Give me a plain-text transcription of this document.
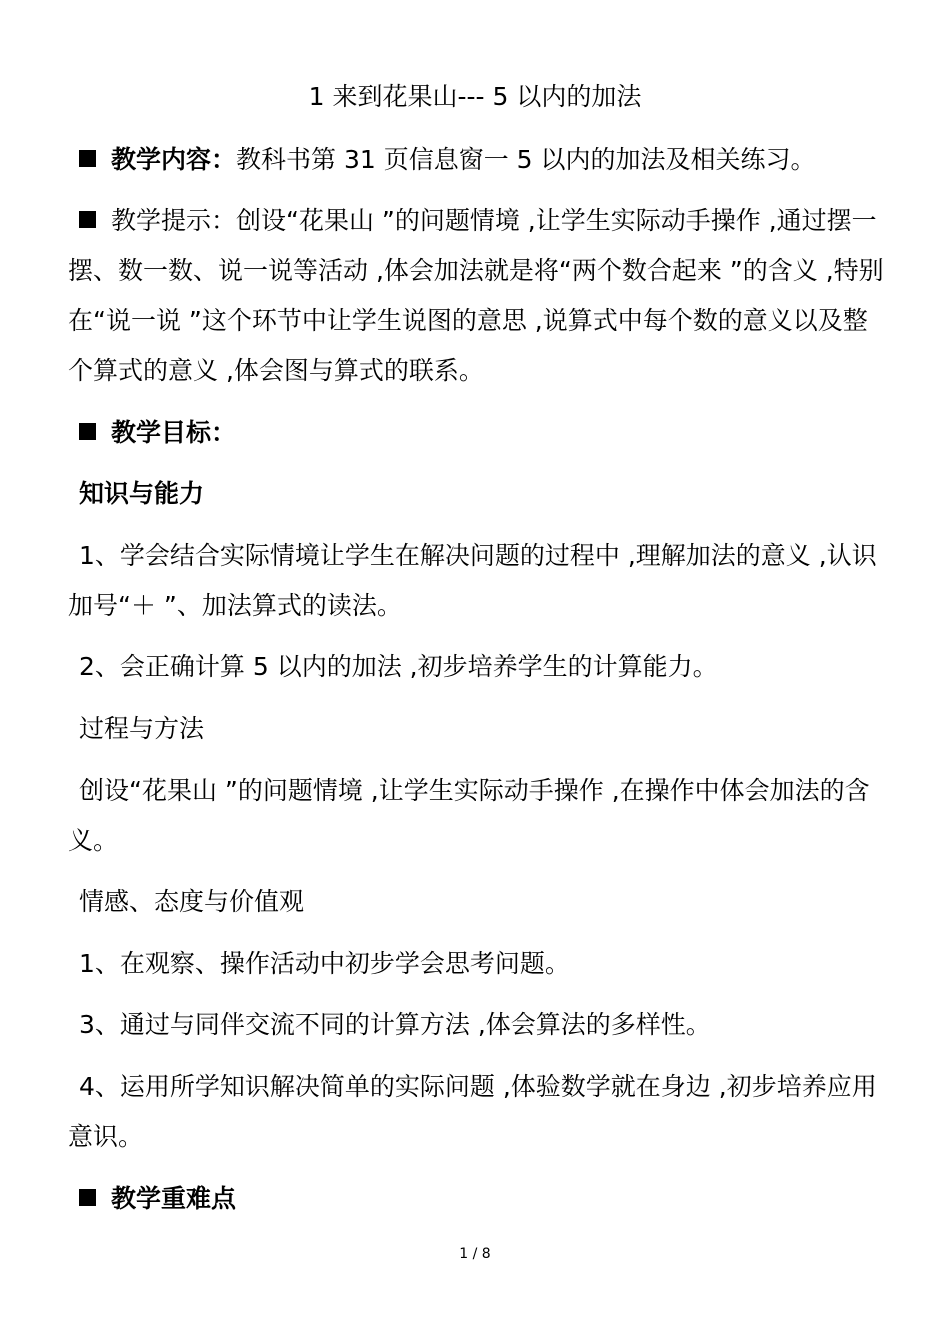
1 来到花果山--- 5 以内的加法
教学内容：教科书第 31 页信息窗一 5 以内的加法及相关练习。
教学提示：创设“花果山 ”的问题情境 ,让学生实际动手操作 ,通过摆一摆、数一数、说一说等活动 ,体会加法就是将“两个数合起来 ”的含义 ,特别在“说一说 ”这个环节中让学生说图的意思 ,说算式中每个数的意义以及整个算式的意义 ,体会图与算式的联系。
教学目标：
知识与能力
1、学会结合实际情境让学生在解决问题的过程中 ,理解加法的意义 ,认识加号“＋ ”、加法算式的读法。
2、会正确计算 5 以内的加法 ,初步培养学生的计算能力。
过程与方法
创设“花果山 ”的问题情境 ,让学生实际动手操作 ,在操作中体会加法的含义。
情感、态度与价值观
1、在观察、操作活动中初步学会思考问题。
3、通过与同伴交流不同的计算方法 ,体会算法的多样性。
4、运用所学知识解决简单的实际问题 ,体验数学就在身边 ,初步培养应用意识。
教学重难点
1 / 8
